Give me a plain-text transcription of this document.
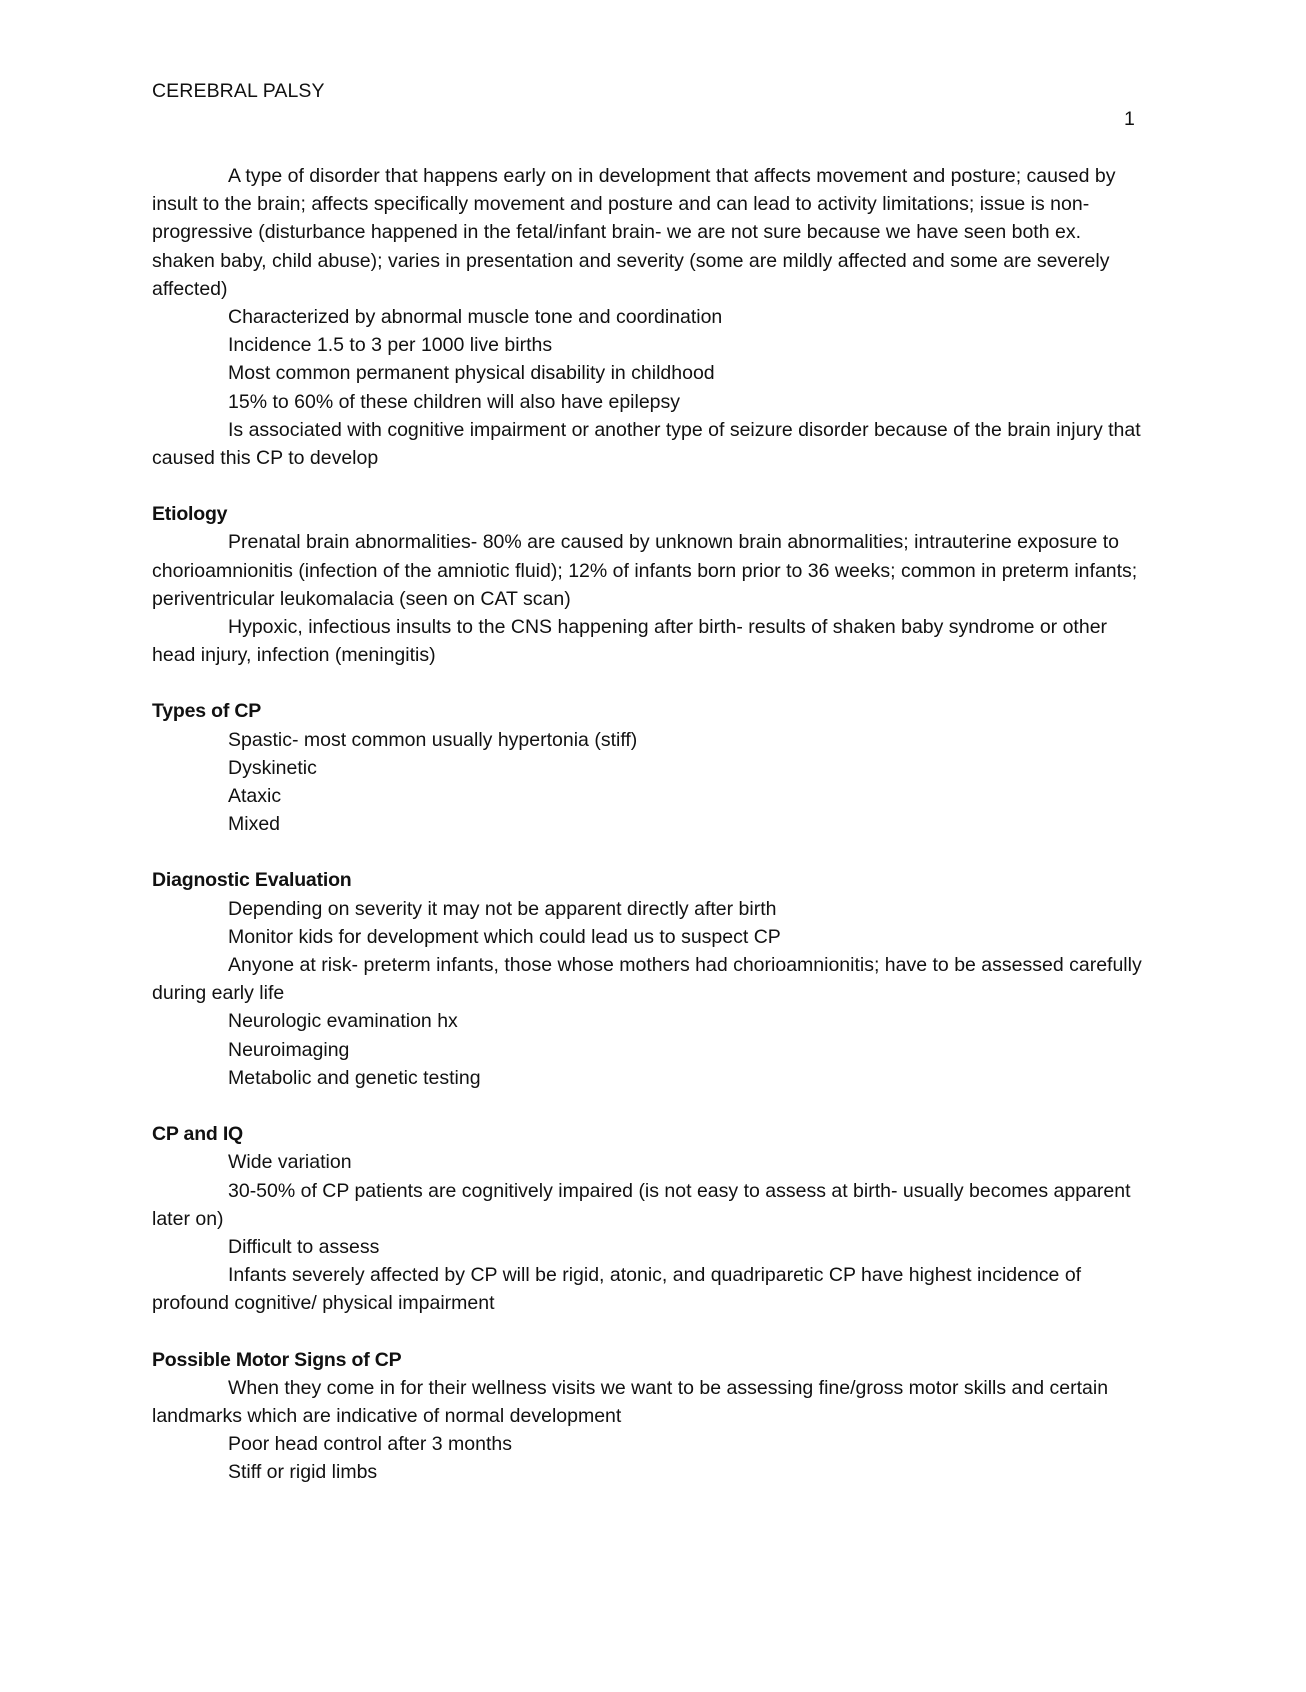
CEREBRAL PALSY
1

A type of disorder that happens early on in development that affects movement and posture; caused by insult to the brain; affects specifically movement and posture and can lead to activity limitations; issue is non-progressive (disturbance happened in the fetal/infant brain- we are not sure because we have seen both ex. shaken baby, child abuse); varies in presentation and severity (some are mildly affected and some are severely affected)

Characterized by abnormal muscle tone and coordination

Incidence 1.5 to 3 per 1000 live births

Most common permanent physical disability in childhood

15% to 60% of these children will also have epilepsy

Is associated with cognitive impairment or another type of seizure disorder because of the brain injury that caused this CP to develop

Etiology

Prenatal brain abnormalities- 80% are caused by unknown brain abnormalities; intrauterine exposure to chorioamnionitis (infection of the amniotic fluid); 12% of infants born prior to 36 weeks; common in preterm infants; periventricular leukomalacia (seen on CAT scan)

Hypoxic, infectious insults to the CNS happening after birth- results of shaken baby syndrome or other head injury, infection (meningitis)

Types of CP

Spastic- most common usually hypertonia (stiff)

Dyskinetic

Ataxic

Mixed

Diagnostic Evaluation

Depending on severity it may not be apparent directly after birth

Monitor kids for development which could lead us to suspect CP

Anyone at risk- preterm infants, those whose mothers had chorioamnionitis; have to be assessed carefully during early life

Neurologic evamination hx

Neuroimaging

Metabolic and genetic testing

CP and IQ

Wide variation

30-50% of CP patients are cognitively impaired (is not easy to assess at birth- usually becomes apparent later on)

Difficult to assess

Infants severely affected by CP will be rigid, atonic, and quadriparetic CP have highest incidence of profound cognitive/ physical impairment

Possible Motor Signs of CP

When they come in for their wellness visits we want to be assessing fine/gross motor skills and certain landmarks which are indicative of normal development

Poor head control after 3 months

Stiff or rigid limbs
